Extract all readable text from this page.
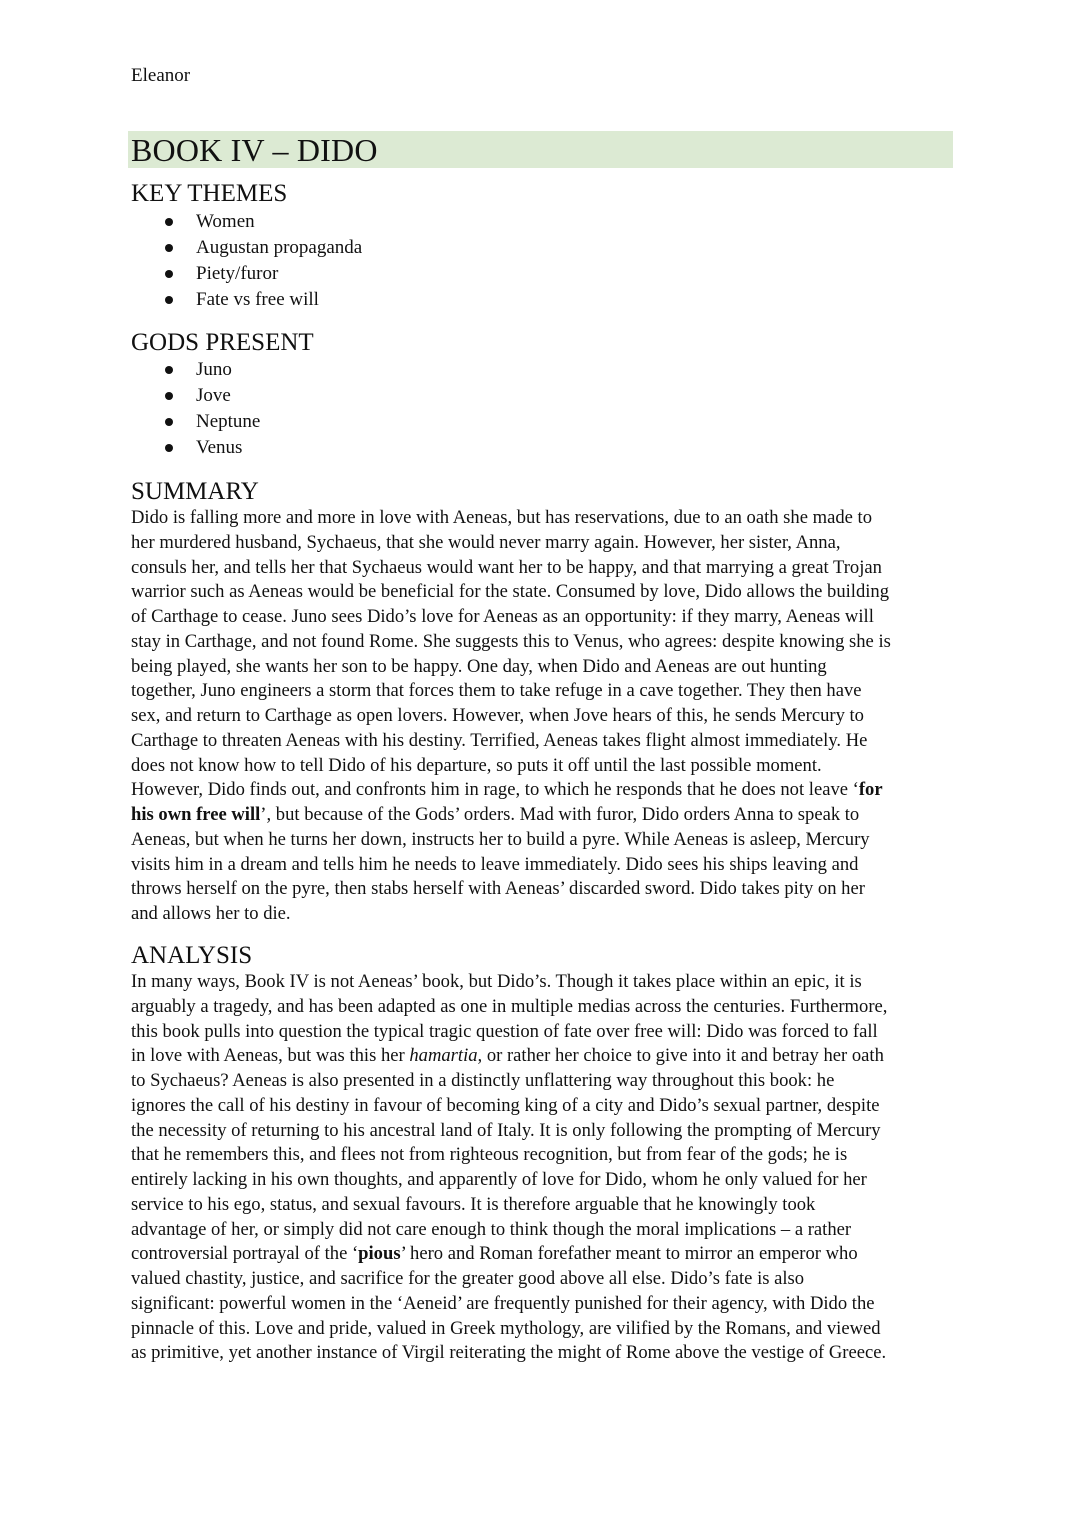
Eleanor
BOOK IV – DIDO
KEY THEMES
Women
Augustan propaganda
Piety/furor
Fate vs free will
GODS PRESENT
Juno
Jove
Neptune
Venus
SUMMARY
Dido is falling more and more in love with Aeneas, but has reservations, due to an oath she made to
her murdered husband, Sychaeus, that she would never marry again. However, her sister, Anna,
consuls her, and tells her that Sychaeus would want her to be happy, and that marrying a great Trojan
warrior such as Aeneas would be beneficial for the state. Consumed by love, Dido allows the building
of Carthage to cease. Juno sees Dido’s love for Aeneas as an opportunity: if they marry, Aeneas will
stay in Carthage, and not found Rome. She suggests this to Venus, who agrees: despite knowing she is
being played, she wants her son to be happy. One day, when Dido and Aeneas are out hunting
together, Juno engineers a storm that forces them to take refuge in a cave together. They then have
sex, and return to Carthage as open lovers. However, when Jove hears of this, he sends Mercury to
Carthage to threaten Aeneas with his destiny. Terrified, Aeneas takes flight almost immediately. He
does not know how to tell Dido of his departure, so puts it off until the last possible moment.
However, Dido finds out, and confronts him in rage, to which he responds that he does not leave ‘for
his own free will’, but because of the Gods’ orders. Mad with furor, Dido orders Anna to speak to
Aeneas, but when he turns her down, instructs her to build a pyre. While Aeneas is asleep, Mercury
visits him in a dream and tells him he needs to leave immediately. Dido sees his ships leaving and
throws herself on the pyre, then stabs herself with Aeneas’ discarded sword. Dido takes pity on her
and allows her to die.
ANALYSIS
In many ways, Book IV is not Aeneas’ book, but Dido’s. Though it takes place within an epic, it is
arguably a tragedy, and has been adapted as one in multiple medias across the centuries. Furthermore,
this book pulls into question the typical tragic question of fate over free will: Dido was forced to fall
in love with Aeneas, but was this her hamartia, or rather her choice to give into it and betray her oath
to Sychaeus? Aeneas is also presented in a distinctly unflattering way throughout this book: he
ignores the call of his destiny in favour of becoming king of a city and Dido’s sexual partner, despite
the necessity of returning to his ancestral land of Italy. It is only following the prompting of Mercury
that he remembers this, and flees not from righteous recognition, but from fear of the gods; he is
entirely lacking in his own thoughts, and apparently of love for Dido, whom he only valued for her
service to his ego, status, and sexual favours. It is therefore arguable that he knowingly took
advantage of her, or simply did not care enough to think though the moral implications – a rather
controversial portrayal of the ‘pious’ hero and Roman forefather meant to mirror an emperor who
valued chastity, justice, and sacrifice for the greater good above all else. Dido’s fate is also
significant: powerful women in the ‘Aeneid’ are frequently punished for their agency, with Dido the
pinnacle of this. Love and pride, valued in Greek mythology, are vilified by the Romans, and viewed
as primitive, yet another instance of Virgil reiterating the might of Rome above the vestige of Greece.
